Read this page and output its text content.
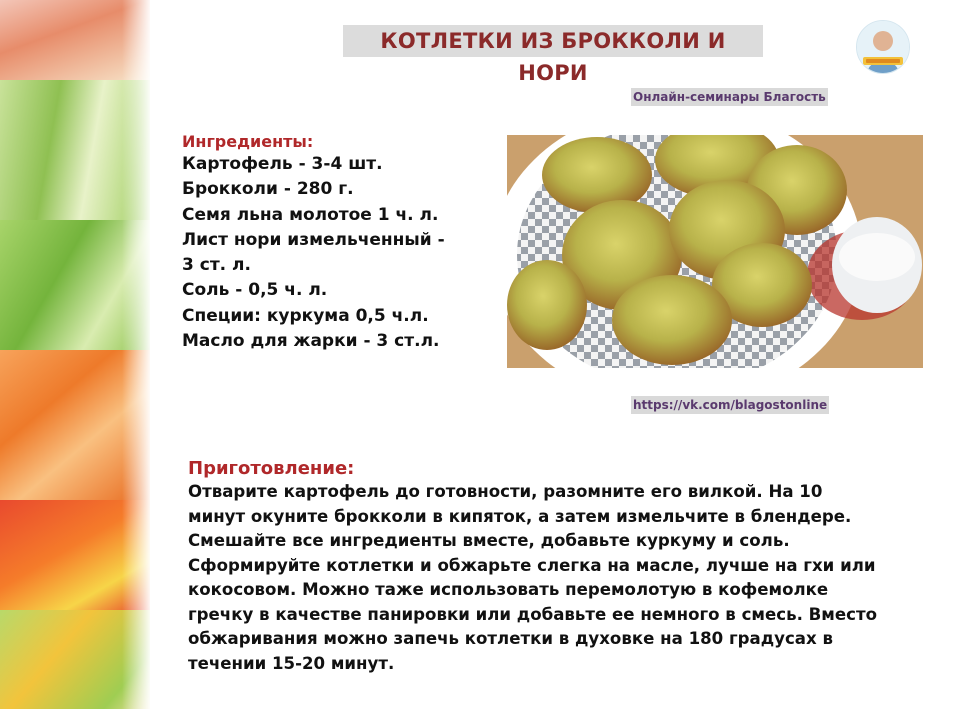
КОТЛЕТКИ ИЗ БРОККОЛИ И НОРИ
Онлайн-семинары Благость
https://vk.com/blagostonline
Ингредиенты:
Картофель - 3-4 шт.
Брокколи - 280 г.
Семя льна молотое 1 ч. л.
Лист нори измельченный -
3 ст. л.
Соль - 0,5 ч. л.
Специи: куркума 0,5 ч.л.
Масло для жарки - 3 ст.л.
Приготовление:
Отварите картофель до готовности, разомните его вилкой. На 10
минут окуните брокколи в кипяток, а затем измельчите в блендере.
Смешайте все ингредиенты вместе, добавьте куркуму и соль.
Сформируйте котлетки и обжарьте слегка на масле, лучше на гхи или
кокосовом. Можно таже использовать перемолотую в кофемолке
гречку в качестве панировки или добавьте ее немного в смесь. Вместо
обжаривания можно запечь котлетки в духовке на 180 градусах в
течении 15-20 минут.
